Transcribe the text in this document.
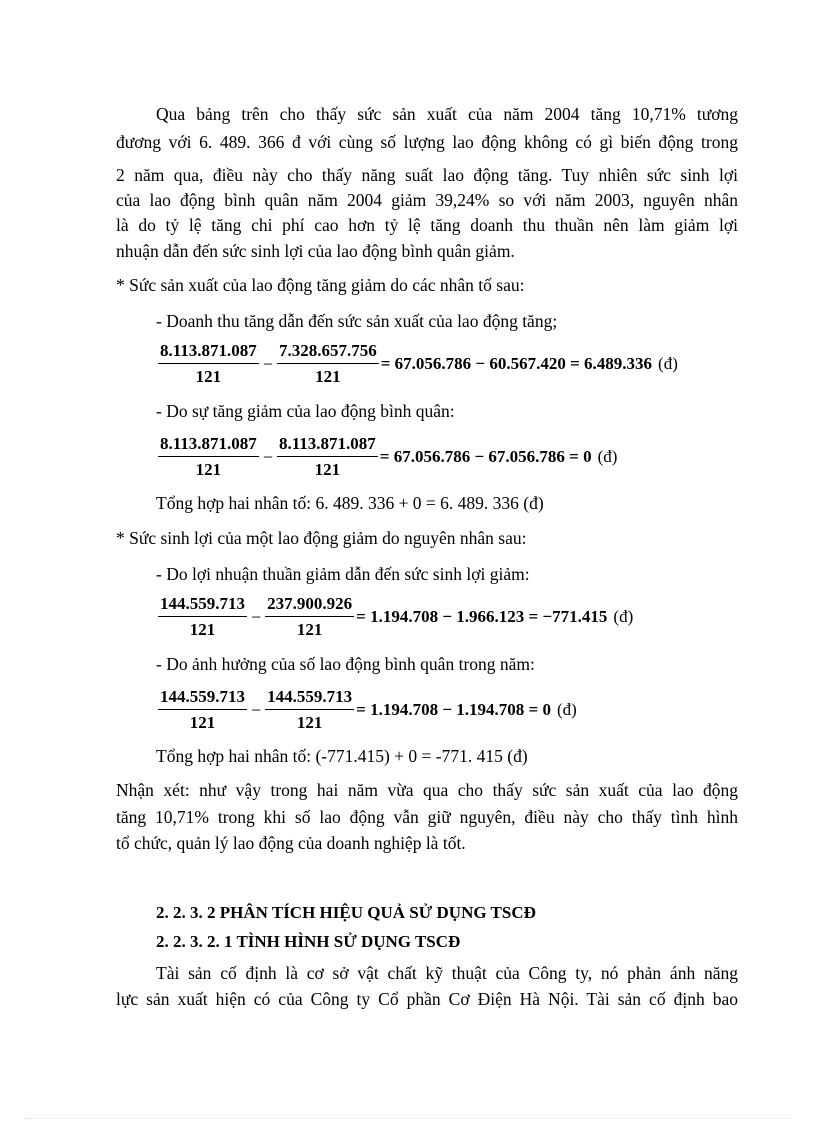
Qua bảng trên cho thấy sức sản xuất của năm 2004 tăng 10,71% tương
đương với 6. 489. 366 đ với cùng số lượng lao động không có gì biến động trong
2 năm qua, điều này cho thấy năng suất lao động tăng. Tuy nhiên sức sinh lợi
của lao động bình quân năm 2004 giảm 39,24% so với năm 2003, nguyên nhân
là do tỷ lệ tăng chi phí cao hơn tỷ lệ tăng doanh thu thuần nên làm giảm lợi
nhuận dẫn đến sức sinh lợi của lao động bình quân giảm.
* Sức sản xuất của lao động tăng giảm do các nhân tố sau:
- Doanh thu tăng dẫn đến sức sản xuất của lao động tăng;
$\frac{8.113.871.087}{121} - \frac{7.328.657.756}{121} = 67.056.786 - 60.567.420 = 6.489.336$ (đ)
- Do sự tăng giảm của lao động bình quân:
$\frac{8.113.871.087}{121} - \frac{8.113.871.087}{121} = 67.056.786 - 67.056.786 = 0$ (đ)
Tổng hợp hai nhân tố: 6. 489. 336 + 0 = 6. 489. 336 (đ)
* Sức sinh lợi của một lao động giảm do nguyên nhân sau:
- Do lợi nhuận thuần giảm dẫn đến sức sinh lợi giảm:
$\frac{144.559.713}{121} - \frac{237.900.926}{121} = 1.194.708 - 1.966.123 = -771.415$ (đ)
- Do ảnh hưởng của số lao động bình quân trong năm:
$\frac{144.559.713}{121} - \frac{144.559.713}{121} = 1.194.708 - 1.194.708 = 0$ (đ)
Tổng hợp hai nhân tố: (-771.415) + 0 = -771. 415 (đ)
Nhận xét: như vậy trong hai năm vừa qua cho thấy sức sản xuất của lao động
tăng 10,71% trong khi số lao động vẫn giữ nguyên, điều này cho thấy tình hình
tổ chức, quản lý lao động của doanh nghiệp là tốt.
2. 2. 3. 2 PHÂN TÍCH HIỆU QUẢ SỬ DỤNG TSCĐ
2. 2. 3. 2. 1 TÌNH HÌNH SỬ DỤNG TSCĐ
Tài sản cố định là cơ sở vật chất kỹ thuật của Công ty, nó phản ánh năng
lực sản xuất hiện có của Công ty Cổ phần Cơ Điện Hà Nội. Tài sản cố định bao
